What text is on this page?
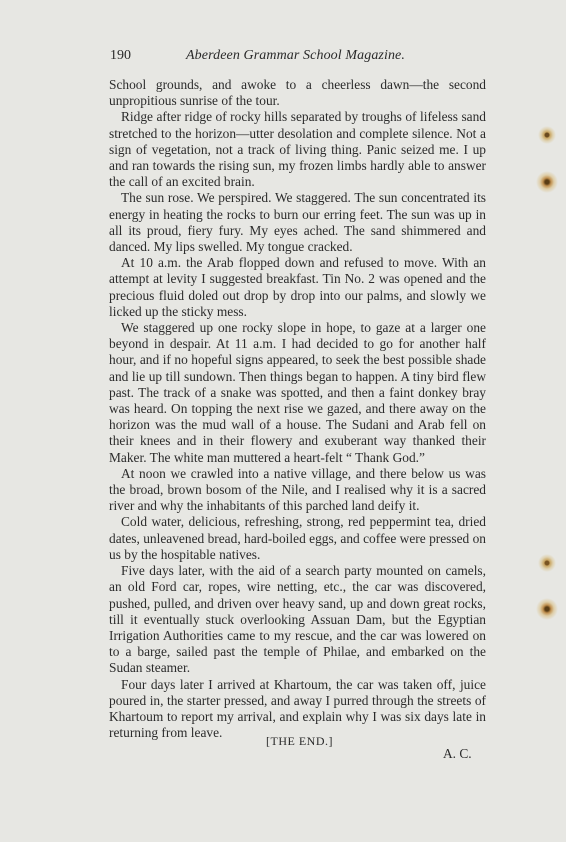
190	Aberdeen Grammar School Magazine.

School grounds, and awoke to a cheerless dawn—the second unpropitious sunrise of the tour.

Ridge after ridge of rocky hills separated by troughs of lifeless sand stretched to the horizon—utter desolation and complete silence. Not a sign of vegetation, not a track of living thing. Panic seized me. I up and ran towards the rising sun, my frozen limbs hardly able to answer the call of an excited brain.

The sun rose. We perspired. We staggered. The sun concentrated its energy in heating the rocks to burn our erring feet. The sun was up in all its proud, fiery fury. My eyes ached. The sand shimmered and danced. My lips swelled. My tongue cracked.

At 10 a.m. the Arab flopped down and refused to move. With an attempt at levity I suggested breakfast. Tin No. 2 was opened and the precious fluid doled out drop by drop into our palms, and slowly we licked up the sticky mess.

We staggered up one rocky slope in hope, to gaze at a larger one beyond in despair. At 11 a.m. I had decided to go for another half hour, and if no hopeful signs appeared, to seek the best possible shade and lie up till sundown. Then things began to happen. A tiny bird flew past. The track of a snake was spotted, and then a faint donkey bray was heard. On topping the next rise we gazed, and there away on the horizon was the mud wall of a house. The Sudani and Arab fell on their knees and in their flowery and exuberant way thanked their Maker. The white man muttered a heart-felt “ Thank God.”

At noon we crawled into a native village, and there below us was the broad, brown bosom of the Nile, and I realised why it is a sacred river and why the inhabitants of this parched land deify it.

Cold water, delicious, refreshing, strong, red peppermint tea, dried dates, unleavened bread, hard-boiled eggs, and coffee were pressed on us by the hospitable natives.

Five days later, with the aid of a search party mounted on camels, an old Ford car, ropes, wire netting, etc., the car was discovered, pushed, pulled, and driven over heavy sand, up and down great rocks, till it eventually stuck overlooking Assuan Dam, but the Egyptian Irrigation Authorities came to my rescue, and the car was lowered on to a barge, sailed past the temple of Philae, and embarked on the Sudan steamer.

Four days later I arrived at Khartoum, the car was taken off, juice poured in, the starter pressed, and away I purred through the streets of Khartoum to report my arrival, and explain why I was six days late in returning from leave.

[THE END.]
A. C.
